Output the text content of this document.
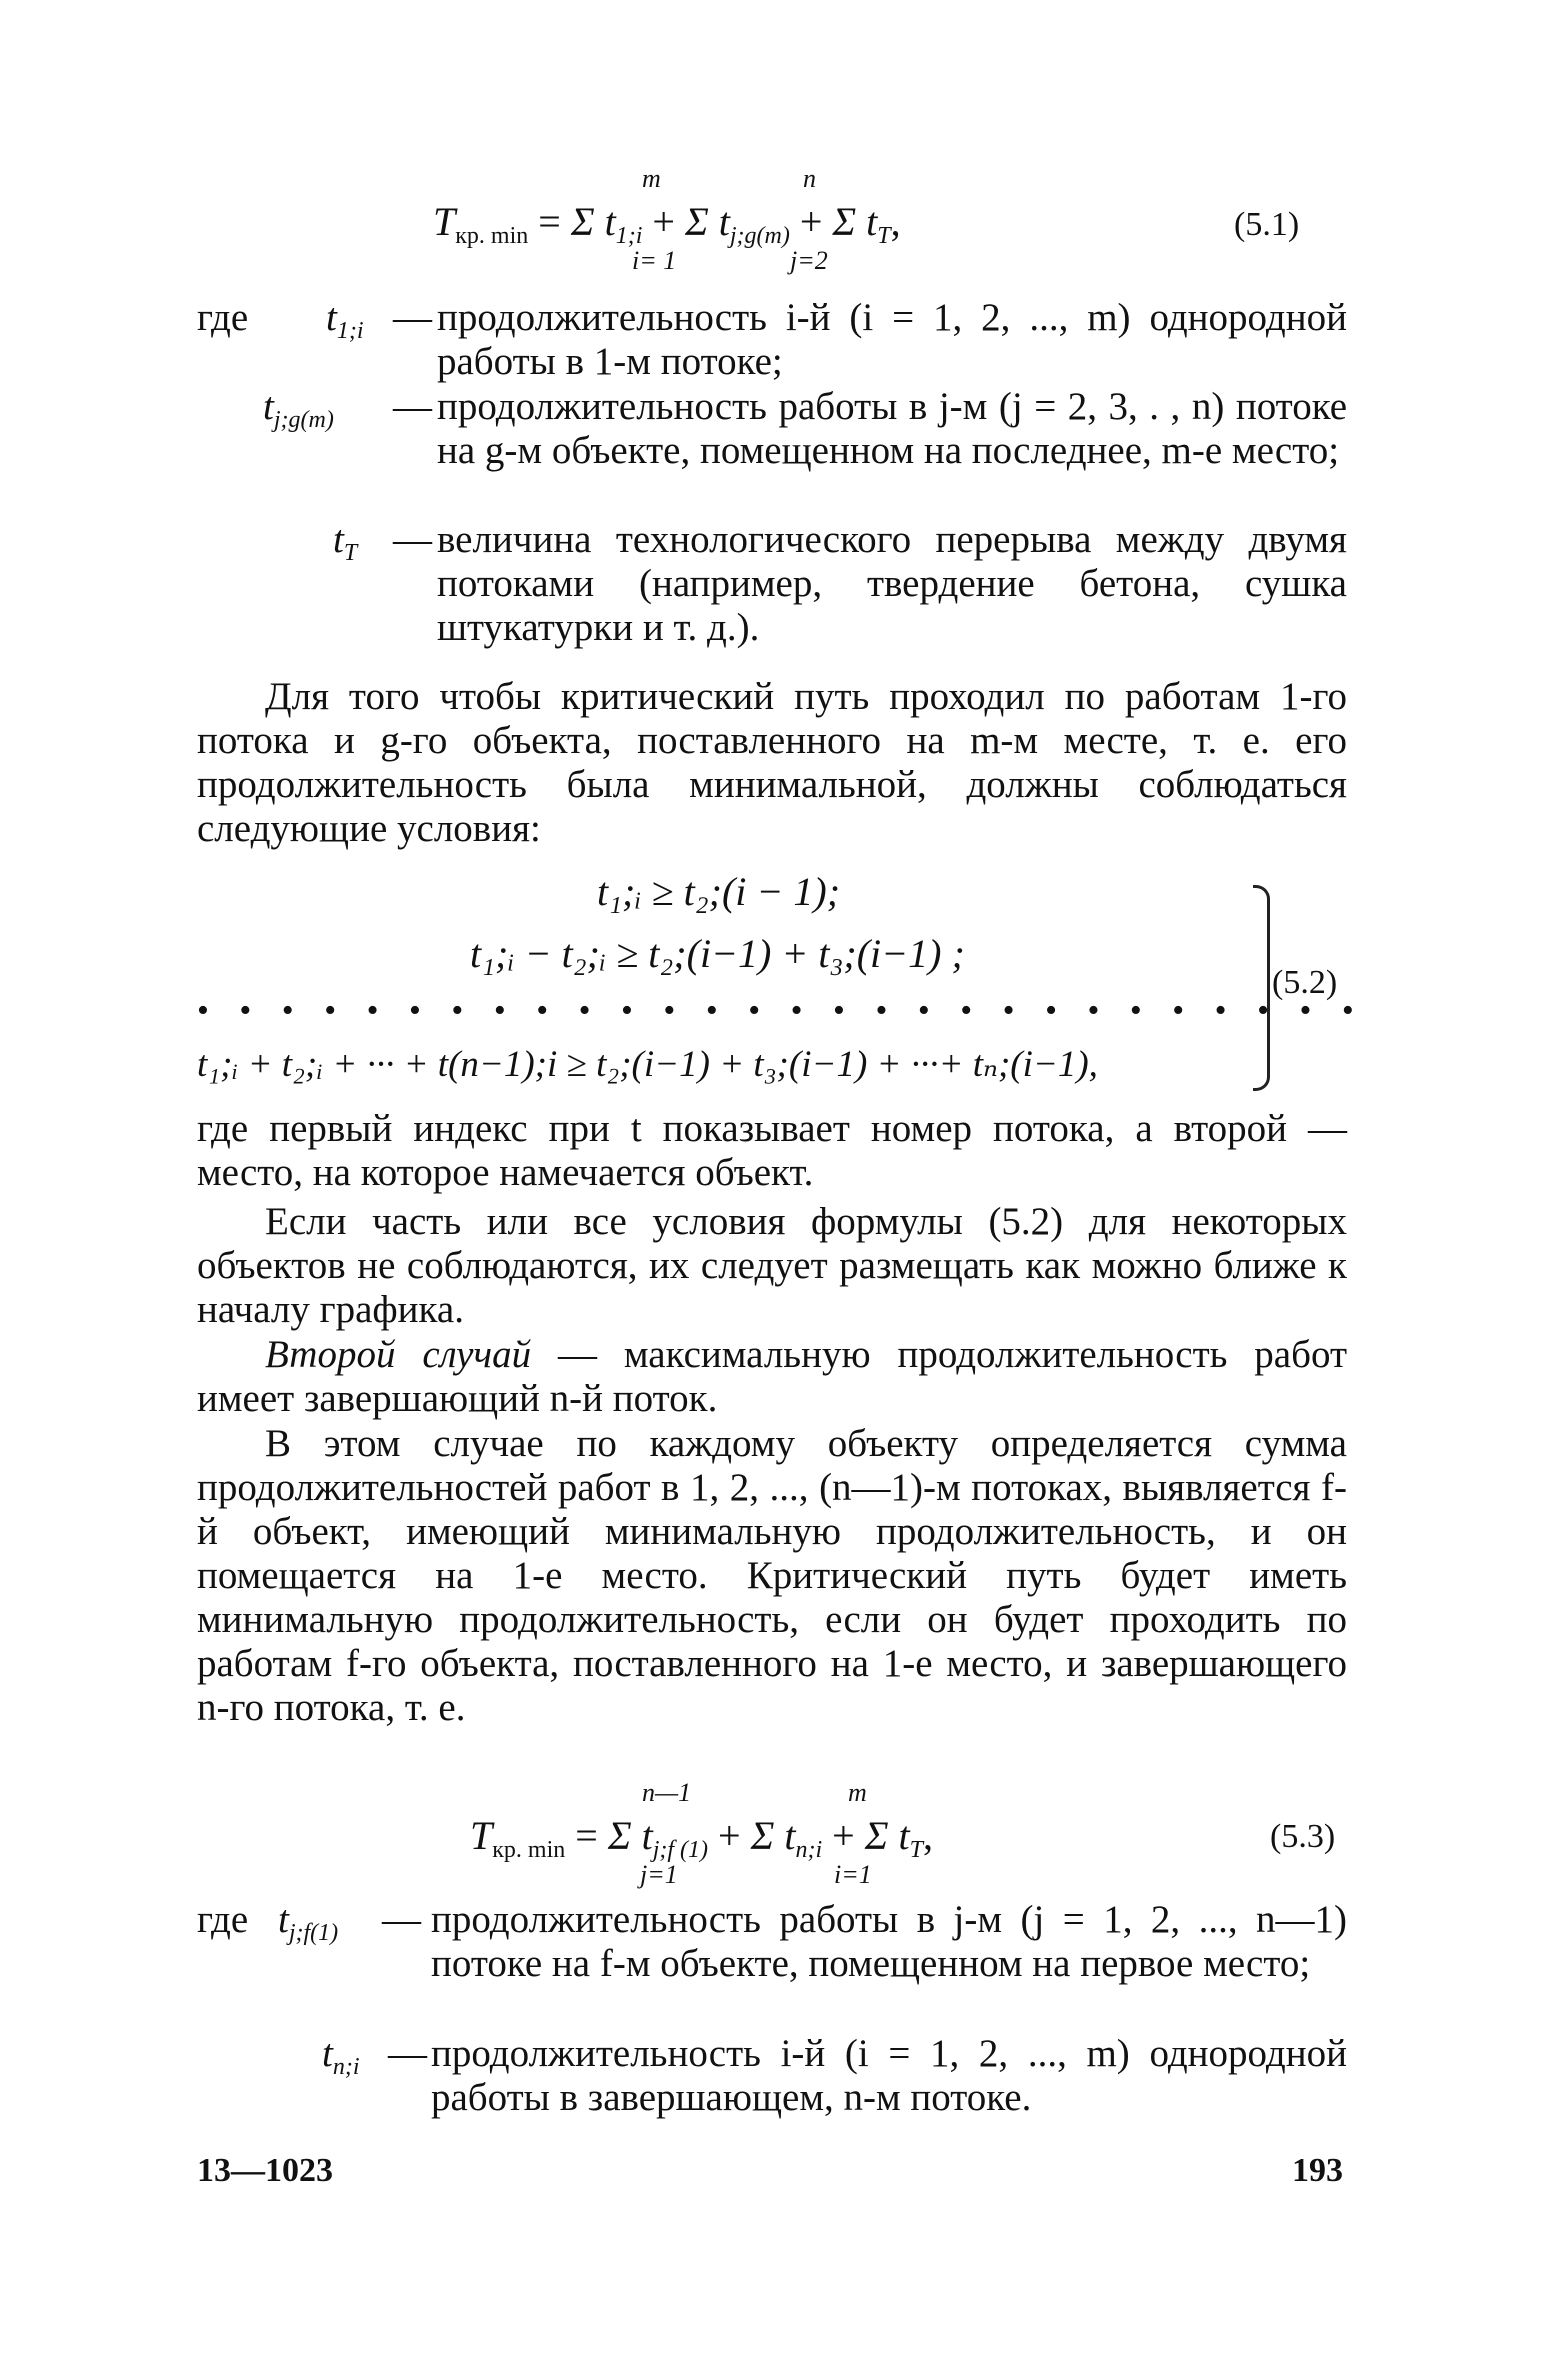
$T_{кр. min} = \Sigma$ $t_{1;i} + \Sigma$ $t_{j;g(m)} + \Sigma$ $t_T$,
m
i= 1
n
j=2
(5.1)
где $t_{1;i}$ — продолжительность i-й (i = 1, 2, ..., m) однородной работы в 1-м потоке;
$t_{j;g(m)}$ — продолжительность работы в j-м (j = 2, 3, . , n) потоке на g-м объекте, помещенном на последнее, m-е место;
$t_T$ — величина технологического перерыва между двумя потоками (например, твердение бетона, сушка штукатурки и т. д.).

Для того чтобы критический путь проходил по работам 1-го потока и g-го объекта, поставленного на m-м месте, т. е. его продолжительность была минимальной, должны соблюдаться следующие условия:

t₁;ᵢ ≥ t₂;(i − 1);
t₁;ᵢ − t₂;ᵢ ≥ t₂;(i−1) + t₃;(i−1) ;
• • • • • • • • • • • • • • • • • • • • • • • • • • • •
t₁;ᵢ + t₂;ᵢ + ··· + t(n−1);i ≥ t₂;(i−1) + t₃;(i−1) + ···+ tₙ;(i−1),
(5.2)

где первый индекс при t показывает номер потока, а второй — место, на которое намечается объект.

Если часть или все условия формулы (5.2) для некоторых объектов не соблюдаются, их следует размещать как можно ближе к началу графика.

Второй случай — максимальную продолжительность работ имеет завершающий n-й поток.

В этом случае по каждому объекту определяется сумма продолжительностей работ в 1, 2, ..., (n—1)-м потоках, выявляется f-й объект, имеющий минимальную продолжительность, и он помещается на 1-е место. Критический путь будет иметь минимальную продолжительность, если он будет проходить по работам f-го объекта, поставленного на 1-е место, и завершающего n-го потока, т. е.

$T_{кр. min} = \Sigma$ $t_{j;f (1)} + \Sigma$ $t_{n;i} + \Sigma$ $t_T$,
n—1
j=1
m
i=1
(5.3)
где $t_{j;f(1)}$ — продолжительность работы в j-м (j = 1, 2, ..., n—1) потоке на f-м объекте, помещенном на первое место;
$t_{n;i}$ — продолжительность i-й (i = 1, 2, ..., m) однородной работы в завершающем, n-м потоке.
13—1023	193
